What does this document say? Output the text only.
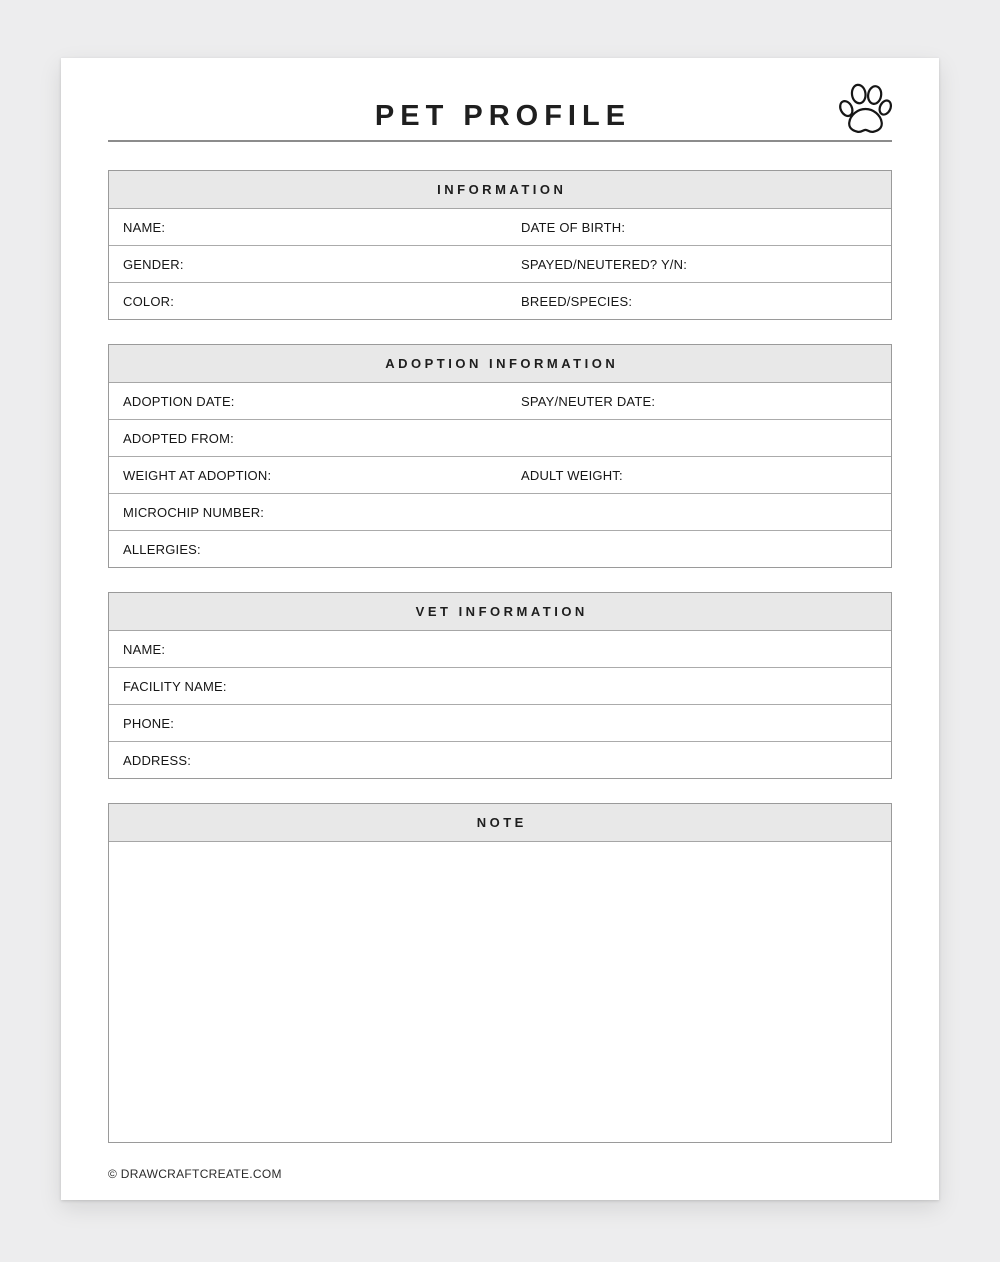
PET PROFILE
INFORMATION
NAME:	DATE OF BIRTH:
GENDER:	SPAYED/NEUTERED? Y/N:
COLOR:	BREED/SPECIES:
ADOPTION INFORMATION
ADOPTION DATE:	SPAY/NEUTER DATE:
ADOPTED FROM:
WEIGHT AT ADOPTION:	ADULT WEIGHT:
MICROCHIP NUMBER:
ALLERGIES:
VET INFORMATION
NAME:
FACILITY NAME:
PHONE:
ADDRESS:
NOTE
© DRAWCRAFTCREATE.COM
